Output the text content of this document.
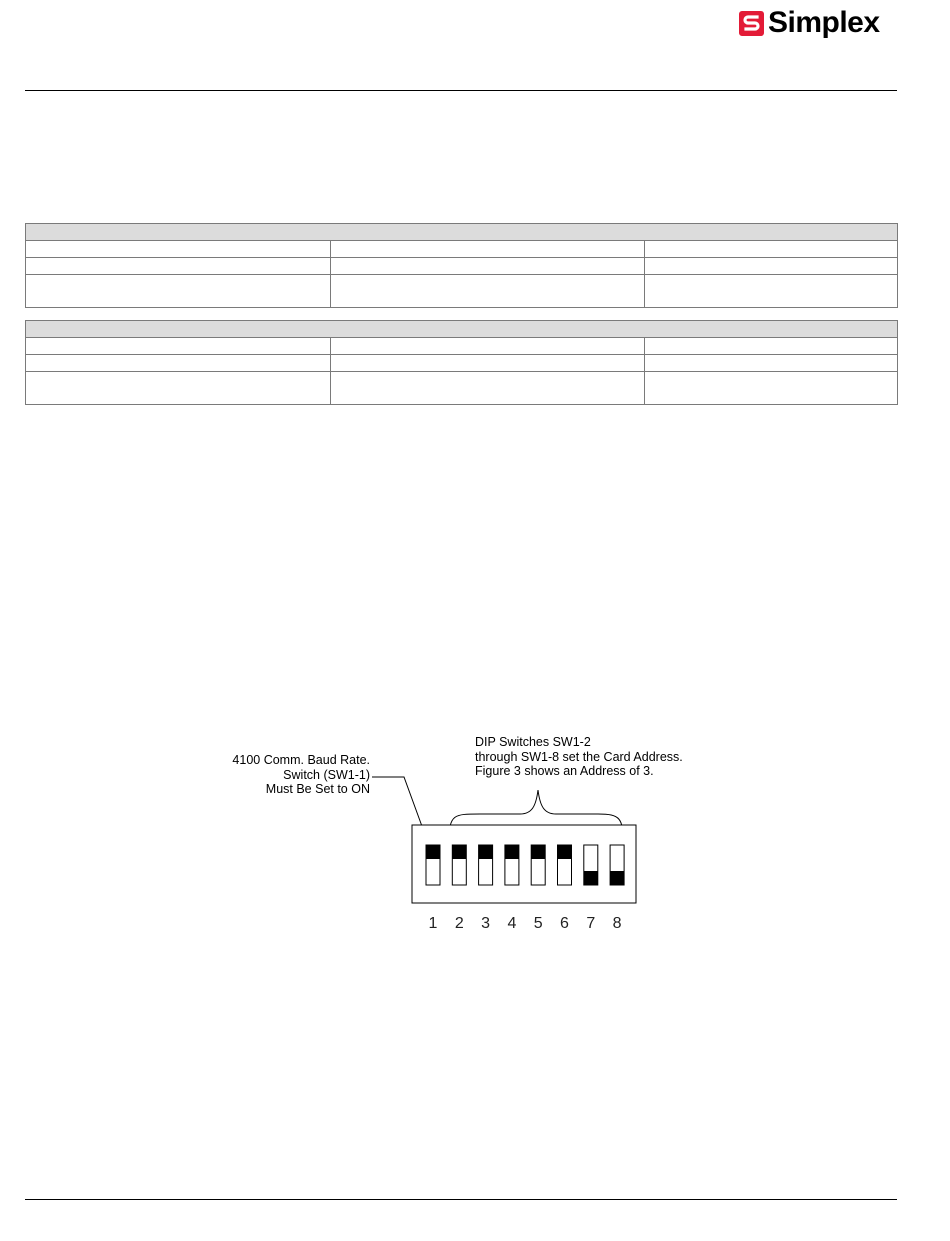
Simplex

4100 Comm. Baud Rate.
Switch (SW1-1)
Must Be Set to ON
DIP Switches SW1-2
through SW1-8 set the Card Address.
Figure 3 shows an Address of 3.
1	2	3	4	5	6	7	8
